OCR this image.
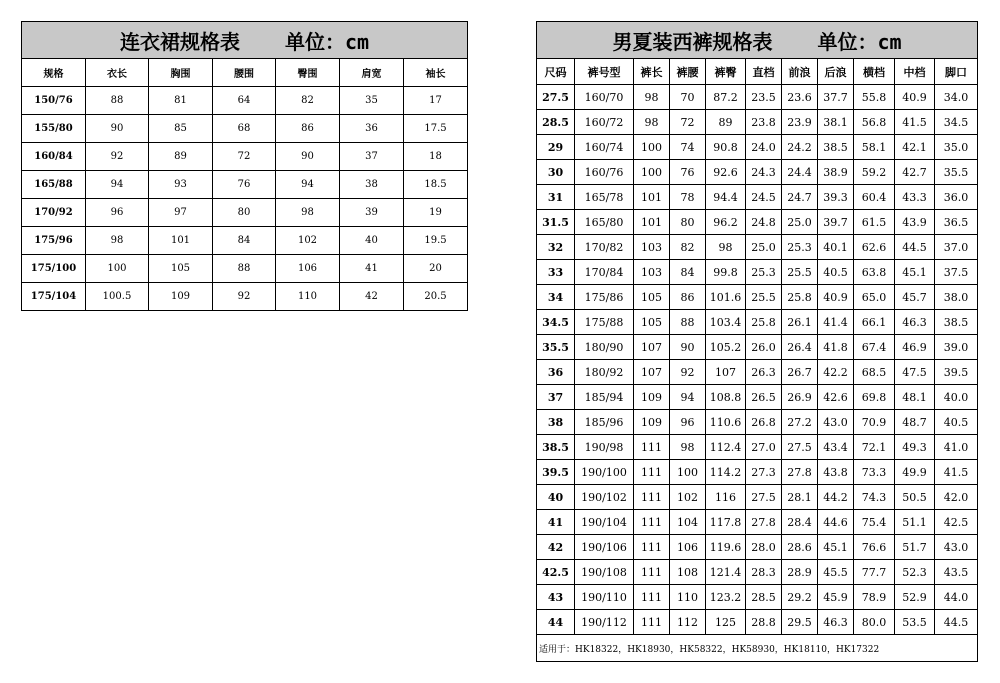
连衣裙规格表 单位：cm						
规格	衣长	胸围	腰围	臀围	肩宽	袖长
150/76	88	81	64	82	35	17
155/80	90	85	68	86	36	17.5
160/84	92	89	72	90	37	18
165/88	94	93	76	94	38	18.5
170/92	96	97	80	98	39	19
175/96	98	101	84	102	40	19.5
175/100	100	105	88	106	41	20
175/104	100.5	109	92	110	42	20.5
男夏装西裤规格表 单位：cm										
尺码	裤号型	裤长	裤腰	裤臀	直档	前浪	后浪	横档	中档	脚口
27.5	160/70	98	70	87.2	23.5	23.6	37.7	55.8	40.9	34.0
28.5	160/72	98	72	89	23.8	23.9	38.1	56.8	41.5	34.5
29	160/74	100	74	90.8	24.0	24.2	38.5	58.1	42.1	35.0
30	160/76	100	76	92.6	24.3	24.4	38.9	59.2	42.7	35.5
31	165/78	101	78	94.4	24.5	24.7	39.3	60.4	43.3	36.0
31.5	165/80	101	80	96.2	24.8	25.0	39.7	61.5	43.9	36.5
32	170/82	103	82	98	25.0	25.3	40.1	62.6	44.5	37.0
33	170/84	103	84	99.8	25.3	25.5	40.5	63.8	45.1	37.5
34	175/86	105	86	101.6	25.5	25.8	40.9	65.0	45.7	38.0
34.5	175/88	105	88	103.4	25.8	26.1	41.4	66.1	46.3	38.5
35.5	180/90	107	90	105.2	26.0	26.4	41.8	67.4	46.9	39.0
36	180/92	107	92	107	26.3	26.7	42.2	68.5	47.5	39.5
37	185/94	109	94	108.8	26.5	26.9	42.6	69.8	48.1	40.0
38	185/96	109	96	110.6	26.8	27.2	43.0	70.9	48.7	40.5
38.5	190/98	111	98	112.4	27.0	27.5	43.4	72.1	49.3	41.0
39.5	190/100	111	100	114.2	27.3	27.8	43.8	73.3	49.9	41.5
40	190/102	111	102	116	27.5	28.1	44.2	74.3	50.5	42.0
41	190/104	111	104	117.8	27.8	28.4	44.6	75.4	51.1	42.5
42	190/106	111	106	119.6	28.0	28.6	45.1	76.6	51.7	43.0
42.5	190/108	111	108	121.4	28.3	28.9	45.5	77.7	52.3	43.5
43	190/110	111	110	123.2	28.5	29.2	45.9	78.9	52.9	44.0
44	190/112	111	112	125	28.8	29.5	46.3	80.0	53.5	44.5
适用于：HK18322，HK18930，HK58322，HK58930，HK18110，HK17322										
